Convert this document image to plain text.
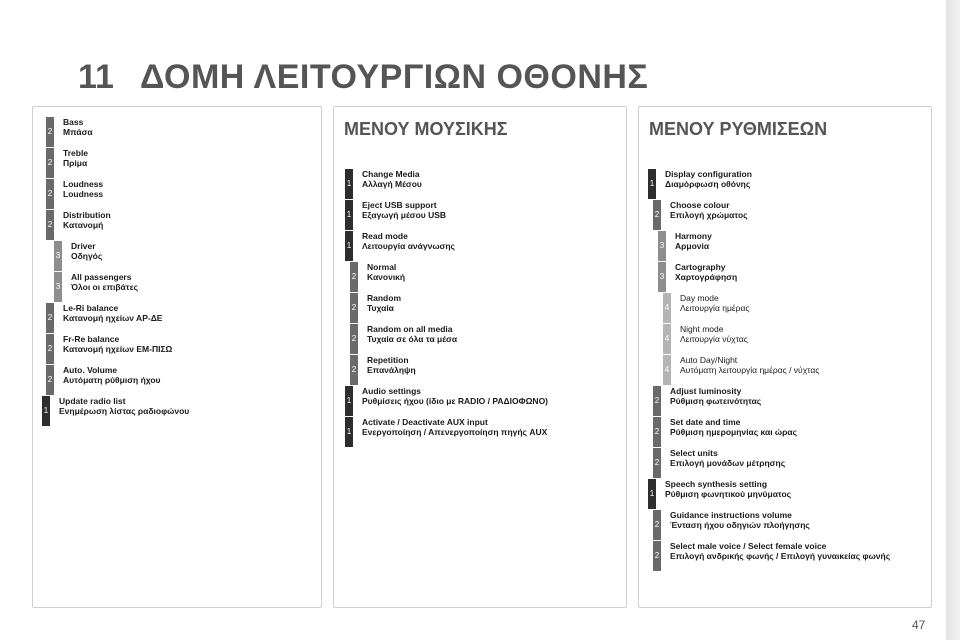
11 ΔΟΜΗ ΛΕΙΤΟΥΡΓΙΩΝ ΟΘΟΝΗΣ
2
Bass
Μπάσα
2
Treble
Πρίμα
2
Loudness
Loudness
2
Distribution
Κατανομή
3
Driver
Οδηγός
3
All passengers
Όλοι οι επιβάτες
2
Le-Ri balance
Κατανομή ηχείων ΑΡ-ΔΕ
2
Fr-Re balance
Κατανομή ηχείων ΕΜ-ΠΙΣΩ
2
Auto. Volume
Αυτόματη ρύθμιση ήχου
1
Update radio list
Ενημέρωση λίστας ραδιοφώνου
ΜΕΝΟΥ ΜΟΥΣΙΚΗΣ
1
Change Media
Αλλαγή Μέσου
1
Eject USB support
Εξαγωγή μέσου USB
1
Read mode
Λειτουργία ανάγνωσης
2
Normal
Κανονική
2
Random
Τυχαία
2
Random on all media
Τυχαία σε όλα τα μέσα
2
Repetition
Επανάληψη
1
Audio settings
Ρυθμίσεις ήχου (ίδιο με RADIO / ΡΑΔΙΟΦΩΝΟ)
1
Activate / Deactivate AUX input
Ενεργοποίηση / Απενεργοποίηση πηγής AUX
ΜΕΝΟΥ ΡΥΘΜΙΣΕΩΝ
1
Display configuration
Διαμόρφωση οθόνης
2
Choose colour
Επιλογή χρώματος
3
Harmony
Αρμονία
3
Cartography
Χαρτογράφηση
4
Day mode
Λειτουργία ημέρας
4
Night mode
Λειτουργία νύχτας
4
Auto Day/Night
Αυτόματη λειτουργία ημέρας / νύχτας
2
Adjust luminosity
Ρύθμιση φωτεινότητας
2
Set date and time
Ρύθμιση ημερομηνίας και ώρας
2
Select units
Επιλογή μονάδων μέτρησης
1
Speech synthesis setting
Ρύθμιση φωνητικού μηνύματος
2
Guidance instructions volume
Ένταση ήχου οδηγιών πλοήγησης
2
Select male voice / Select female voice
Επιλογή ανδρικής φωνής / Επιλογή γυναικείας φωνής
47
